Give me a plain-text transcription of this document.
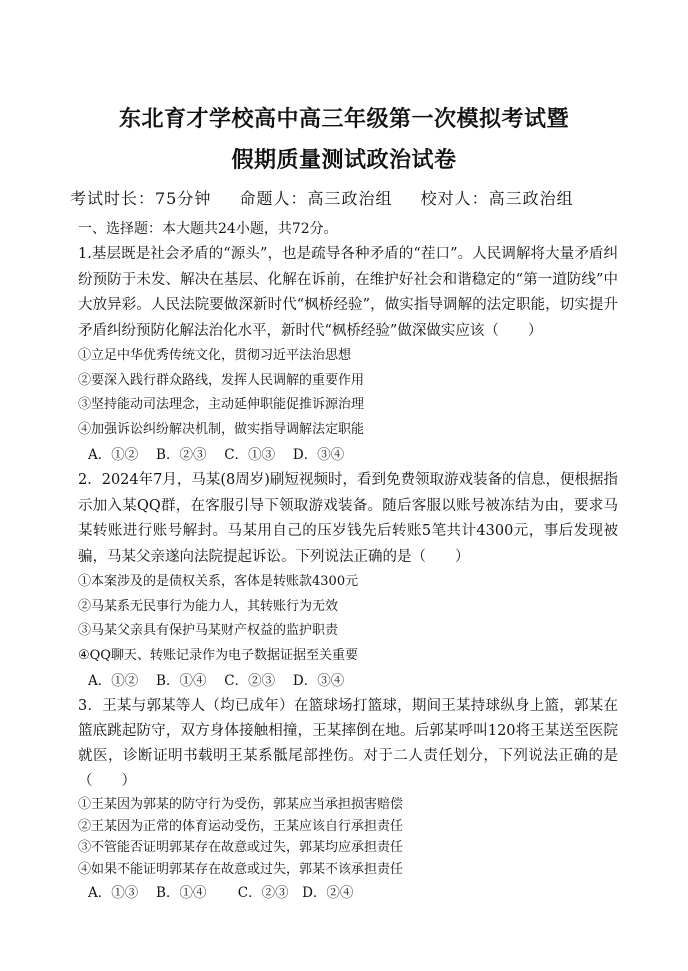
东北育才学校高中高三年级第一次模拟考试暨
假期质量测试政治试卷
考试时长：75分钟 命题人：高三政治组 校对人：高三政治组
一、选择题：本大题共24小题，共72分。

1.基层既是社会矛盾的“源头”，也是疏导各种矛盾的“茬口”。人民调解将大量矛盾纠纷预防于未发、解决在基层、化解在诉前，在维护好社会和谐稳定的“第一道防线”中大放异彩。人民法院要做深新时代“枫桥经验”，做实指导调解的法定职能，切实提升矛盾纠纷预防化解法治化水平，新时代“枫桥经验”做深做实应该（　　）

①立足中华优秀传统文化，贯彻习近平法治思想
②要深入践行群众路线，发挥人民调解的重要作用
③坚持能动司法理念，主动延伸职能促推诉源治理
④加强诉讼纠纷解决机制，做实指导调解法定职能
A．①②　 B．②③　 C．①③　 D．③④

2．2024年7月，马某(8周岁)刷短视频时，看到免费领取游戏装备的信息，便根据指示加入某QQ群，在客服引导下领取游戏装备。随后客服以账号被冻结为由，要求马某转账进行账号解封。马某用自己的压岁钱先后转账5笔共计4300元，事后发现被骗，马某父亲遂向法院提起诉讼。下列说法正确的是（　　）

①本案涉及的是债权关系，客体是转账款4300元
②马某系无民事行为能力人，其转账行为无效
③马某父亲具有保护马某财产权益的监护职责
④QQ聊天、转账记录作为电子数据证据至关重要
A．①②　 B．①④　 C．②③　 D．③④

3．王某与郭某等人（均已成年）在篮球场打篮球，期间王某持球纵身上篮，郭某在篮底跳起防守，双方身体接触相撞，王某摔倒在地。后郭某呼叫120将王某送至医院就医，诊断证明书载明王某系骶尾部挫伤。对于二人责任划分，下列说法正确的是（　　）

①王某因为郭某的防守行为受伤，郭某应当承担损害赔偿
②王某因为正常的体育运动受伤，王某应该自行承担责任
③不管能否证明郭某存在故意或过失，郭某均应承担责任
④如果不能证明郭某存在故意或过失，郭某不该承担责任
A．①③　 B．①④　　 C．②③　D．②④
